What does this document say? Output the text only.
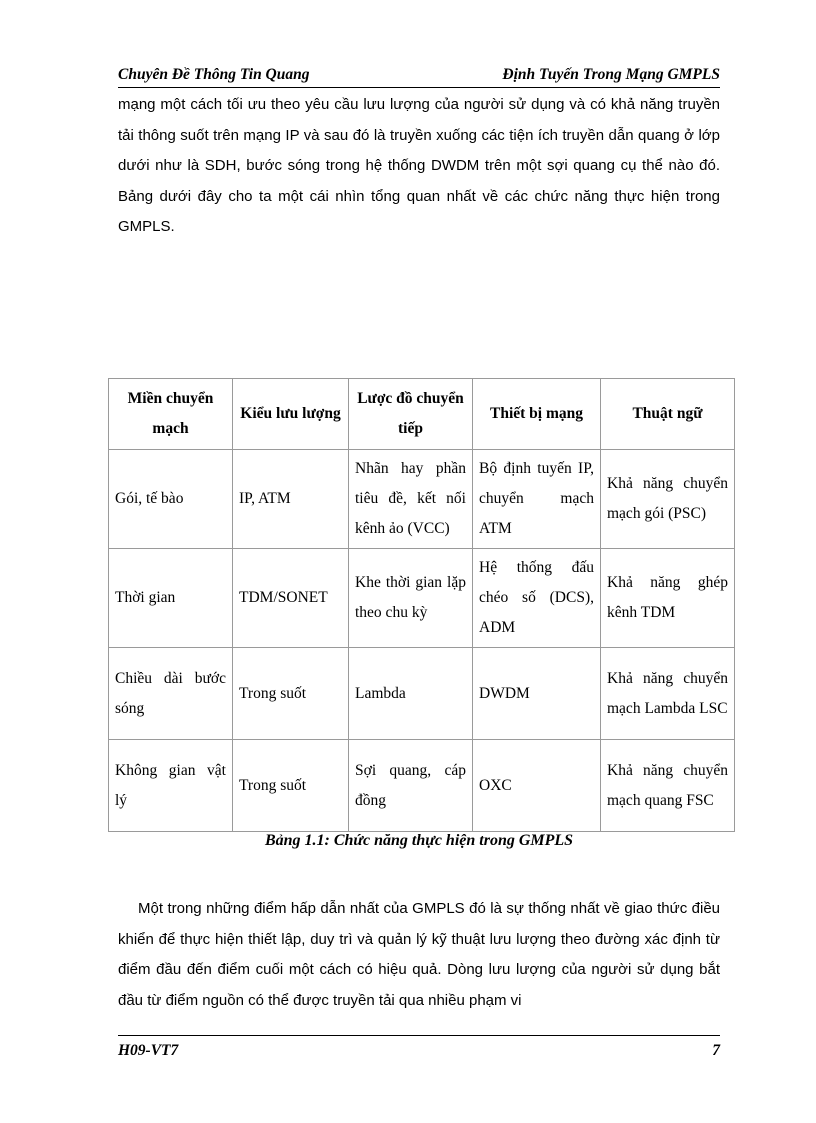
Chuyên Đề Thông Tin Quang	Định Tuyến Trong Mạng GMPLS
mạng một cách tối ưu theo yêu cầu lưu lượng của người sử dụng và có khả năng truyền tải thông suốt trên mạng IP và sau đó là truyền xuống các tiện ích truyền dẫn quang ở lớp dưới như là SDH, bước sóng trong hệ thống DWDM trên một sợi quang cụ thể nào đó. Bảng dưới đây cho ta một cái nhìn tổng quan nhất về các chức năng thực hiện trong GMPLS.
Miền chuyển mạch	Kiểu lưu lượng	Lược đồ chuyển tiếp	Thiết bị mạng	Thuật ngữ
Gói, tế bào	IP, ATM	Nhãn hay phần tiêu đề, kết nối kênh ảo (VCC)	Bộ định tuyến IP, chuyển mạch ATM	Khả năng chuyển mạch gói (PSC)
Thời gian	TDM/SONET	Khe thời gian lặp theo chu kỳ	Hệ thống đấu chéo số (DCS), ADM	Khả năng ghép kênh TDM
Chiều dài bước sóng	Trong suốt	Lambda	DWDM	Khả năng chuyển mạch Lambda LSC
Không gian vật lý	Trong suốt	Sợi quang, cáp đồng	OXC	Khả năng chuyển mạch quang FSC
Bảng 1.1: Chức năng thực hiện trong GMPLS
Một trong những điểm hấp dẫn nhất của GMPLS đó là sự thống nhất về giao thức điều khiển để thực hiện thiết lập, duy trì và quản lý kỹ thuật lưu lượng theo đường xác định từ điểm đầu đến điểm cuối một cách có hiệu quả. Dòng lưu lượng của người sử dụng bắt đầu từ điểm nguồn có thể được truyền tải qua nhiều phạm vi
H09-VT7	7
